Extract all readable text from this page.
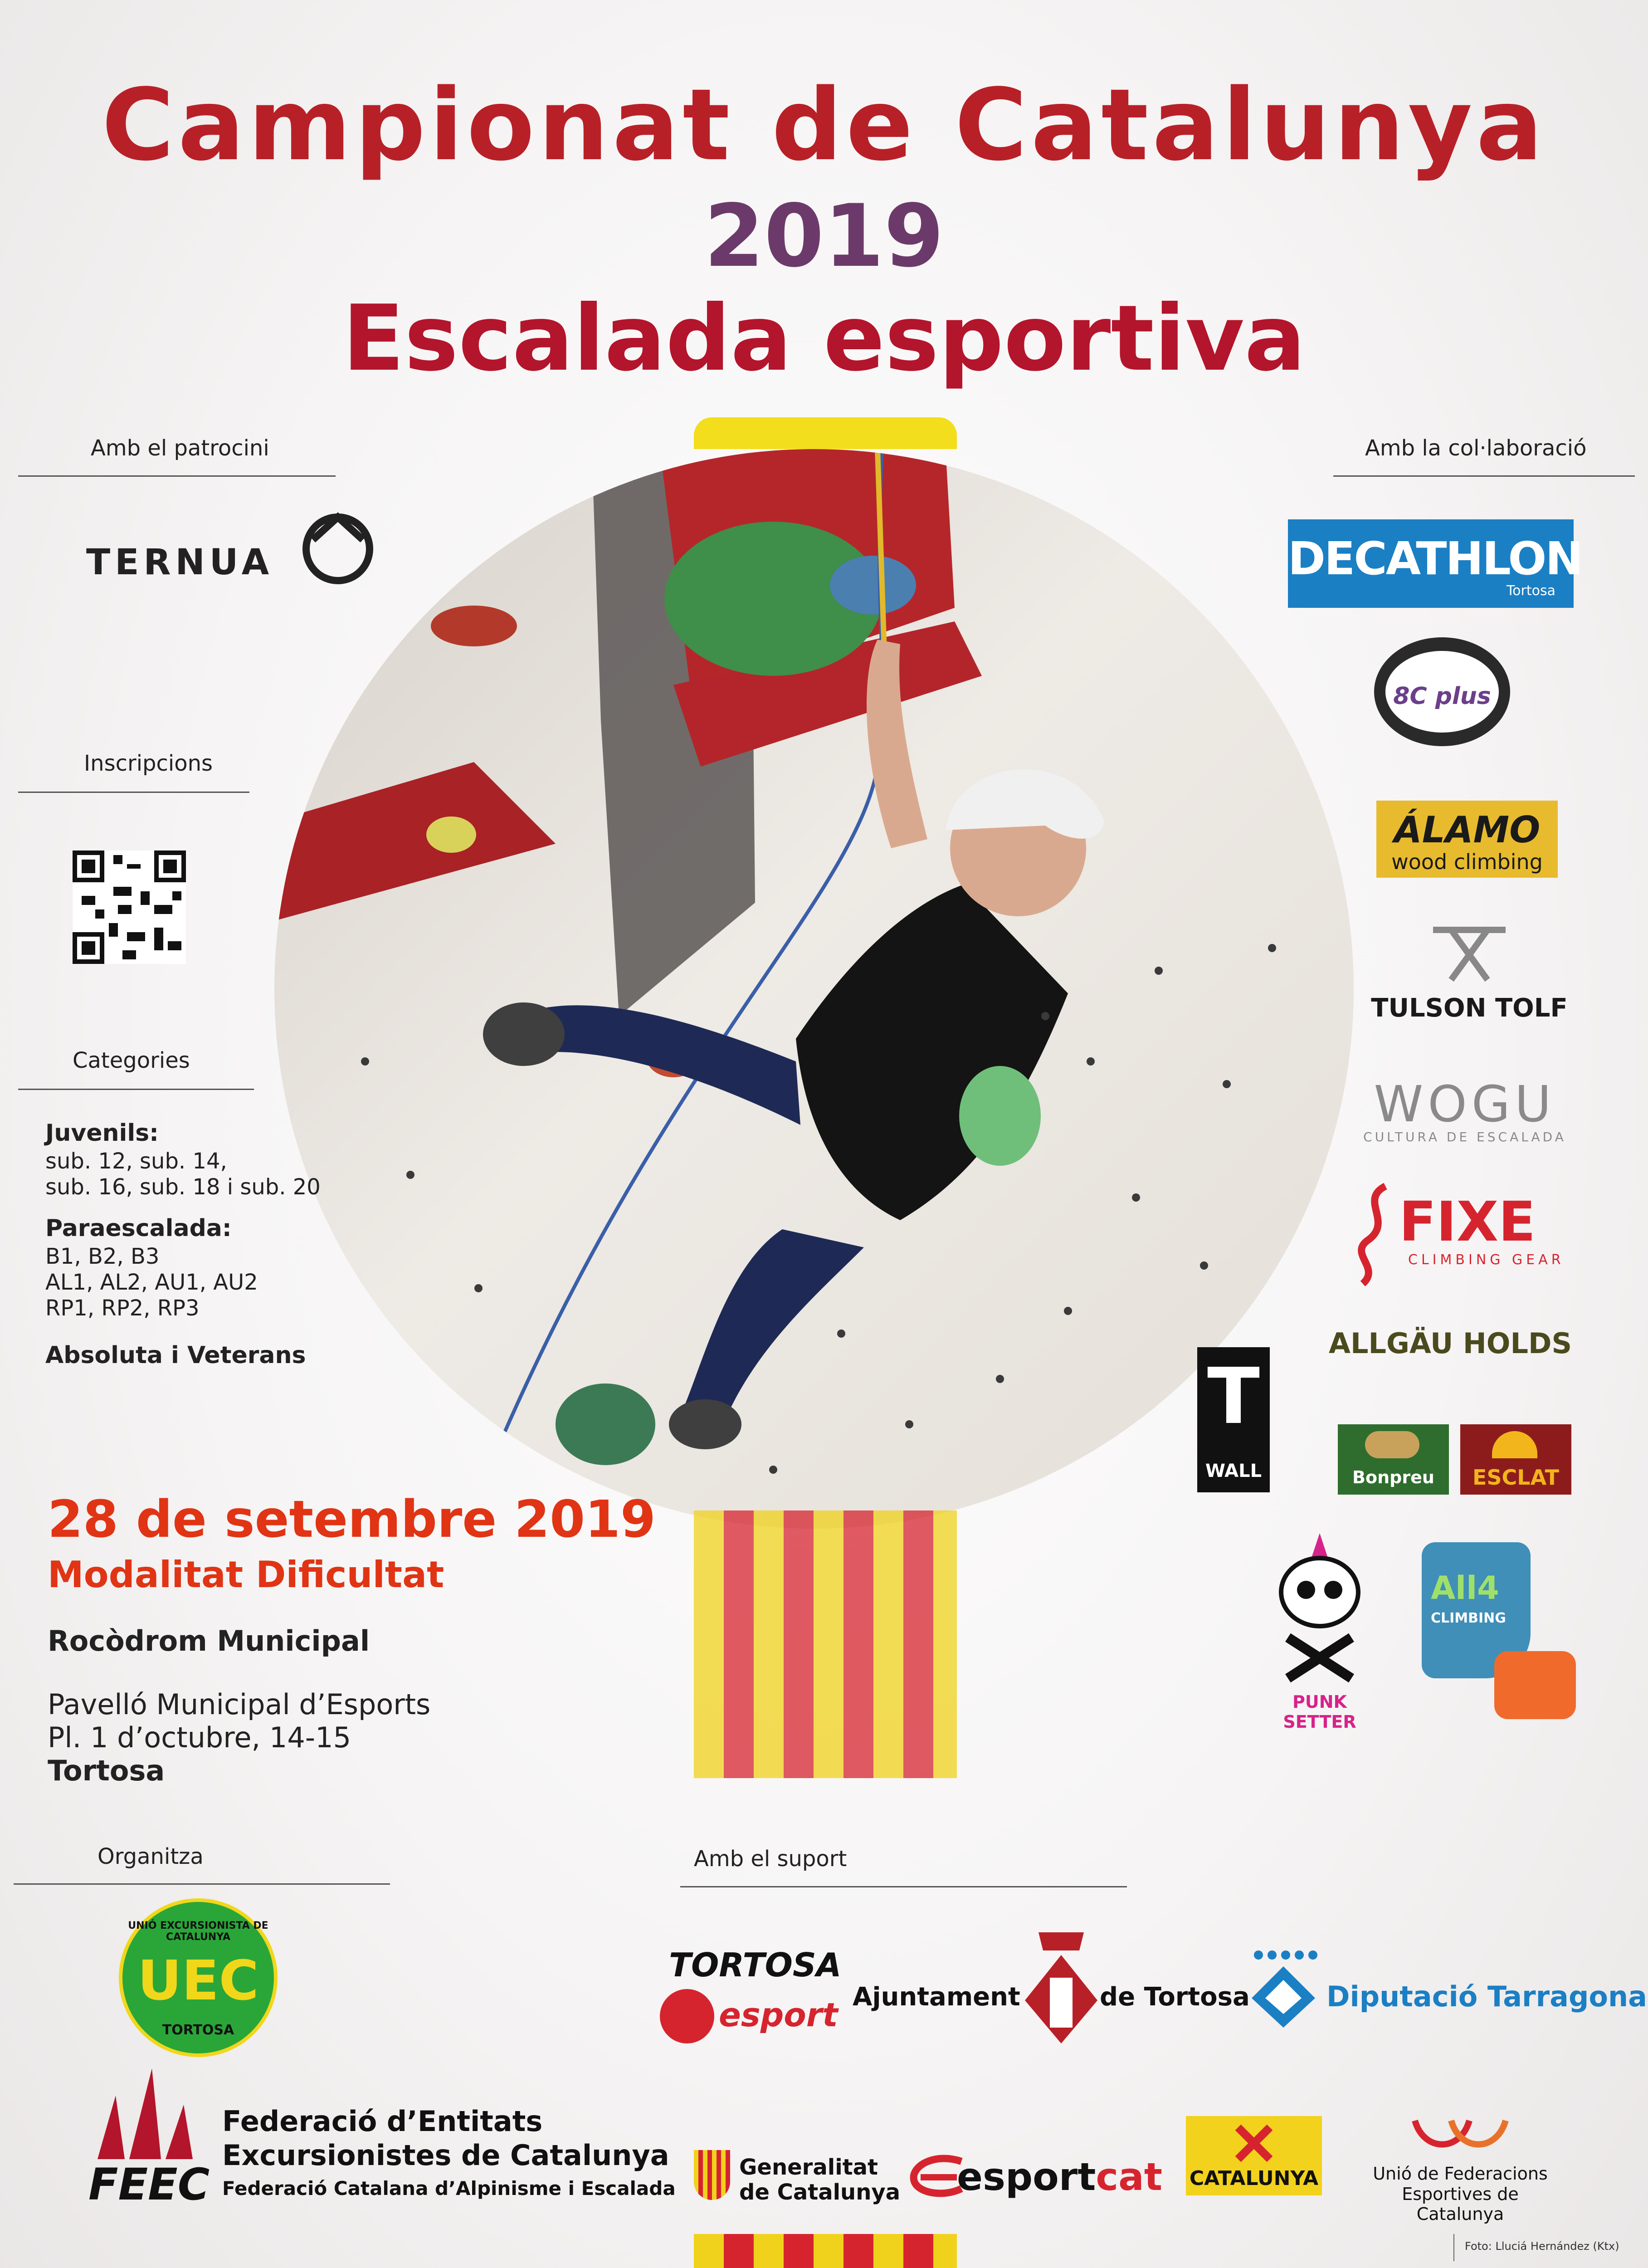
Campionat de Catalunya
2019
Escalada esportiva
Amb el patrocini
TERNUA
Inscripcions
Categories
Juvenils:
sub. 12, sub. 14,
sub. 16, sub. 18 i sub. 20
Paraescalada:
B1, B2, B3
AL1, AL2, AU1, AU2
RP1, RP2, RP3
Absoluta i Veterans
28 de setembre 2019
Modalitat Dificultat
Rocòdrom Municipal
Pavelló Municipal d’Esports
Pl. 1 d’octubre, 14-15
Tortosa
Amb la col·laboració
DECATHLON
Tortosa
8C plus
ÁLAMO
wood climbing
TULSON TOLF
WOGU
CULTURA DE ESCALADA
FIXE
CLIMBING GEAR
ALLGÄU HOLDS
T
WALL	Bonpreu	ESCLAT
PUNK SETTER
All4
CLIMBING
Organitza
UNIÓ EXCURSIONISTA DE CATALUNYA
UEC
TORTOSA
FEEC
Federació d’Entitats
Excursionistes de Catalunya
Federació Catalana d’Alpinisme i Escalada
Amb el suport
TORTOSA
esport Ajuntament	de Tortosa	Diputació Tarragona
Generalitat
de Catalunya esportcat CATALUNYA	Unió de Federacions
Esportives de Catalunya
Foto: Lluciá Hernández (Ktx)
